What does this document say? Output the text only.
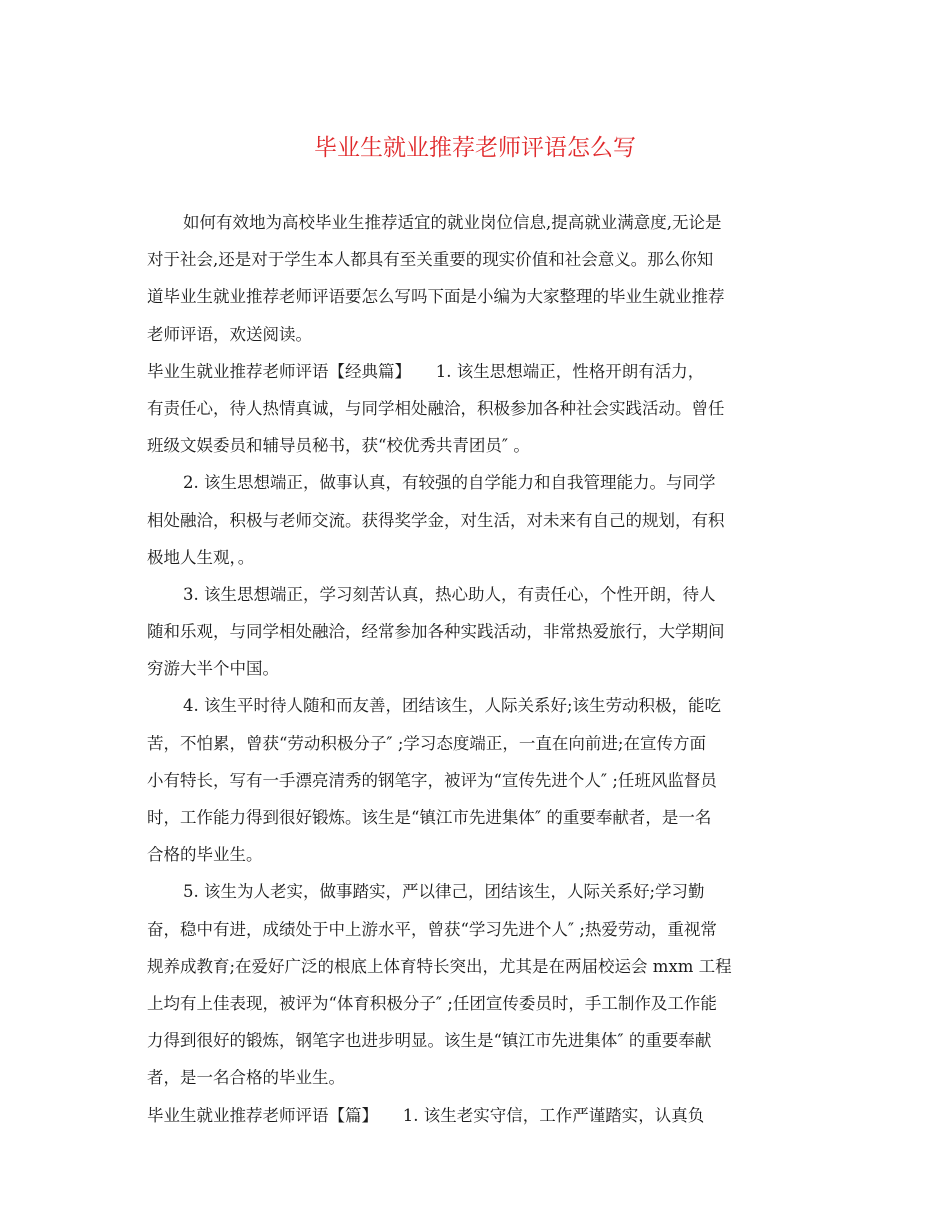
毕业生就业推荐老师评语怎么写

如何有效地为高校毕业生推荐适宜的就业岗位信息,提高就业满意度,无论是
对于社会,还是对于学生本人都具有至关重要的现实价值和社会意义。那么你知
道毕业生就业推荐老师评语要怎么写吗下面是小编为大家整理的毕业生就业推荐
老师评语，欢送阅读。

毕业生就业推荐老师评语【经典篇】　　1. 该生思想端正，性格开朗有活力，
有责任心，待人热情真诚，与同学相处融洽，积极参加各种社会实践活动。曾任
班级文娱委员和辅导员秘书，获“校优秀共青团员″ 。

2. 该生思想端正，做事认真，有较强的自学能力和自我管理能力。与同学
相处融洽，积极与老师交流。获得奖学金，对生活，对未来有自己的规划，有积
极地人生观，。

3. 该生思想端正，学习刻苦认真，热心助人，有责任心，个性开朗，待人
随和乐观，与同学相处融洽，经常参加各种实践活动，非常热爱旅行，大学期间
穷游大半个中国。

4. 该生平时待人随和而友善，团结该生，人际关系好;该生劳动积极，能吃
苦，不怕累，曾获“劳动积极分子″ ;学习态度端正，一直在向前进;在宣传方面
小有特长，写有一手漂亮清秀的钢笔字，被评为“宣传先进个人″ ;任班风监督员
时，工作能力得到很好锻炼。该生是“镇江市先进集体″ 的重要奉献者，是一名
合格的毕业生。

5. 该生为人老实，做事踏实，严以律己，团结该生，人际关系好;学习勤
奋，稳中有进，成绩处于中上游水平，曾获“学习先进个人″ ;热爱劳动，重视常
规养成教育;在爱好广泛的根底上体育特长突出，尤其是在两届校运会 mxm 工程
上均有上佳表现，被评为“体育积极分子″ ;任团宣传委员时，手工制作及工作能
力得到很好的锻炼，钢笔字也进步明显。该生是“镇江市先进集体″ 的重要奉献
者，是一名合格的毕业生。

毕业生就业推荐老师评语【篇】　　1. 该生老实守信，工作严谨踏实，认真负
